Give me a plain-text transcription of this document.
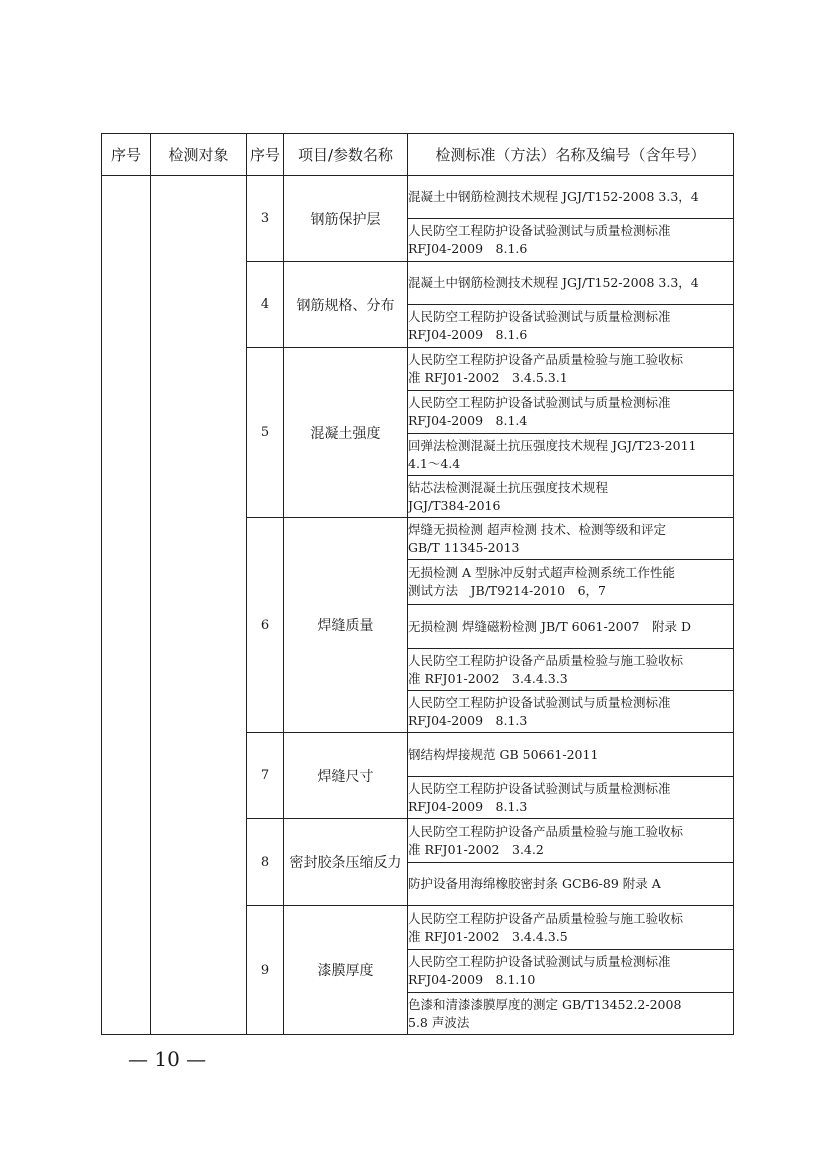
序号	检测对象	序号	项目/参数名称	检测标准（方法）名称及编号（含年号）
		3	钢筋保护层	混凝土中钢筋检测技术规程 JGJ/T152-2008 3.3，4

				人民防空工程防护设备试验测试与质量检测标准
RFJ04-2009　8.1.6

		4	钢筋规格、分布	混凝土中钢筋检测技术规程 JGJ/T152-2008 3.3，4

				人民防空工程防护设备试验测试与质量检测标准
RFJ04-2009　8.1.6

		5	混凝土强度	人民防空工程防护设备产品质量检验与施工验收标
准 RFJ01-2002　3.4.5.3.1

				人民防空工程防护设备试验测试与质量检测标准
RFJ04-2009　8.1.4

				回弹法检测混凝土抗压强度技术规程 JGJ/T23-2011
4.1～4.4

				钻芯法检测混凝土抗压强度技术规程
JGJ/T384-2016

		6	焊缝质量	焊缝无损检测 超声检测 技术、检测等级和评定
GB/T 11345-2013

				无损检测 A 型脉冲反射式超声检测系统工作性能
测试方法　JB/T9214-2010　6，7

				无损检测 焊缝磁粉检测 JB/T 6061-2007　附录 D

				人民防空工程防护设备产品质量检验与施工验收标
准 RFJ01-2002　3.4.4.3.3

				人民防空工程防护设备试验测试与质量检测标准
RFJ04-2009　8.1.3

		7	焊缝尺寸	钢结构焊接规范 GB 50661-2011

				人民防空工程防护设备试验测试与质量检测标准
RFJ04-2009　8.1.3

		8	密封胶条压缩反力	人民防空工程防护设备产品质量检验与施工验收标
准 RFJ01-2002　3.4.2

				防护设备用海绵橡胶密封条 GCB6-89 附录 A

		9	漆膜厚度	人民防空工程防护设备产品质量检验与施工验收标
准 RFJ01-2002　3.4.4.3.5

				人民防空工程防护设备试验测试与质量检测标准
RFJ04-2009　8.1.10

				色漆和清漆漆膜厚度的测定 GB/T13452.2-2008
5.8 声波法
— 10 —
